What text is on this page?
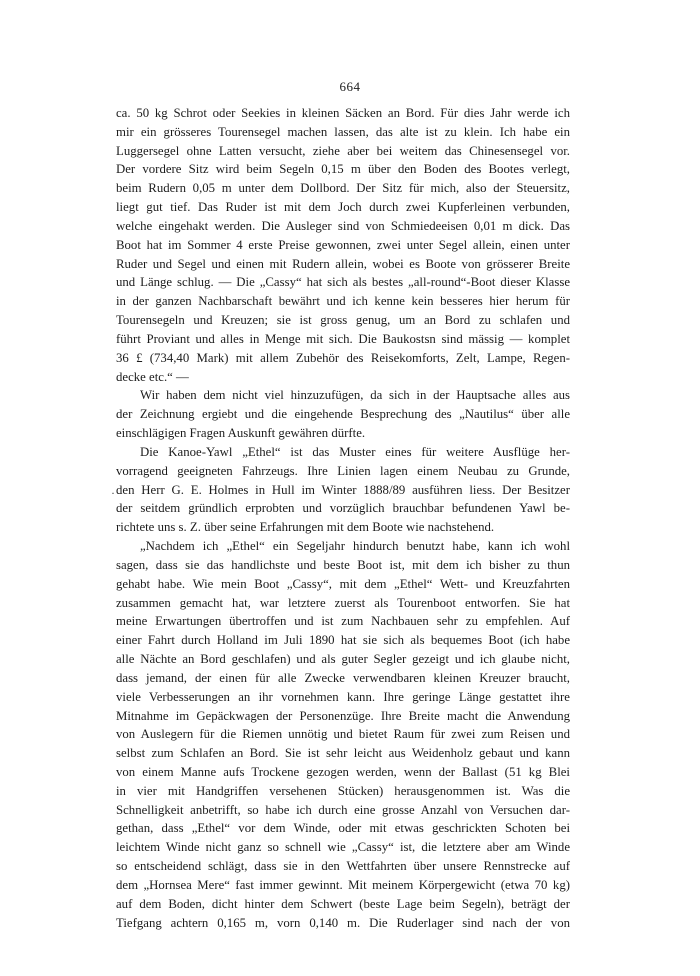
664
·
ca. 50 kg Schrot oder Seekies in kleinen Säcken an Bord. Für dies Jahr werde ich
mir ein grösseres Tourensegel machen lassen, das alte ist zu klein. Ich habe ein
Luggersegel ohne Latten versucht, ziehe aber bei weitem das Chinesensegel vor.
Der vordere Sitz wird beim Segeln 0,15 m über den Boden des Bootes verlegt,
beim Rudern 0,05 m unter dem Dollbord. Der Sitz für mich, also der Steuersitz,
liegt gut tief. Das Ruder ist mit dem Joch durch zwei Kupferleinen verbunden,
welche eingehakt werden. Die Ausleger sind von Schmiedeeisen 0,01 m dick. Das
Boot hat im Sommer 4 erste Preise gewonnen, zwei unter Segel allein, einen unter
Ruder und Segel und einen mit Rudern allein, wobei es Boote von grösserer Breite
und Länge schlug. — Die „Cassy“ hat sich als bestes „all-round“-Boot dieser Klasse
in der ganzen Nachbarschaft bewährt und ich kenne kein besseres hier herum für
Tourensegeln und Kreuzen; sie ist gross genug, um an Bord zu schlafen und
führt Proviant und alles in Menge mit sich. Die Baukostsn sind mässig — komplet
36 £ (734,40 Mark) mit allem Zubehör des Reisekomforts, Zelt, Lampe, Regen-
decke etc.“ —
Wir haben dem nicht viel hinzuzufügen, da sich in der Hauptsache alles aus
der Zeichnung ergiebt und die eingehende Besprechung des „Nautilus“ über alle
einschlägigen Fragen Auskunft gewähren dürfte.
Die Kanoe-Yawl „Ethel“ ist das Muster eines für weitere Ausflüge her-
vorragend geeigneten Fahrzeugs. Ihre Linien lagen einem Neubau zu Grunde,
den Herr G. E. Holmes in Hull im Winter 1888/89 ausführen liess. Der Besitzer
der seitdem gründlich erprobten und vorzüglich brauchbar befundenen Yawl be-
richtete uns s. Z. über seine Erfahrungen mit dem Boote wie nachstehend.
„Nachdem ich „Ethel“ ein Segeljahr hindurch benutzt habe, kann ich wohl
sagen, dass sie das handlichste und beste Boot ist, mit dem ich bisher zu thun
gehabt habe. Wie mein Boot „Cassy“, mit dem „Ethel“ Wett- und Kreuzfahrten
zusammen gemacht hat, war letztere zuerst als Tourenboot entworfen. Sie hat
meine Erwartungen übertroffen und ist zum Nachbauen sehr zu empfehlen. Auf
einer Fahrt durch Holland im Juli 1890 hat sie sich als bequemes Boot (ich habe
alle Nächte an Bord geschlafen) und als guter Segler gezeigt und ich glaube nicht,
dass jemand, der einen für alle Zwecke verwendbaren kleinen Kreuzer braucht,
viele Verbesserungen an ihr vornehmen kann. Ihre geringe Länge gestattet ihre
Mitnahme im Gepäckwagen der Personenzüge. Ihre Breite macht die Anwendung
von Auslegern für die Riemen unnötig und bietet Raum für zwei zum Reisen und
selbst zum Schlafen an Bord. Sie ist sehr leicht aus Weidenholz gebaut und kann
von einem Manne aufs Trockene gezogen werden, wenn der Ballast (51 kg Blei
in vier mit Handgriffen versehenen Stücken) herausgenommen ist. Was die
Schnelligkeit anbetrifft, so habe ich durch eine grosse Anzahl von Versuchen dar-
gethan, dass „Ethel“ vor dem Winde, oder mit etwas geschrickten Schoten bei
leichtem Winde nicht ganz so schnell wie „Cassy“ ist, die letztere aber am Winde
so entscheidend schlägt, dass sie in den Wettfahrten über unsere Rennstrecke auf
dem „Hornsea Mere“ fast immer gewinnt. Mit meinem Körpergewicht (etwa 70 kg)
auf dem Boden, dicht hinter dem Schwert (beste Lage beim Segeln), beträgt der
Tiefgang achtern 0,165 m, vorn 0,140 m. Die Ruderlager sind nach der von
